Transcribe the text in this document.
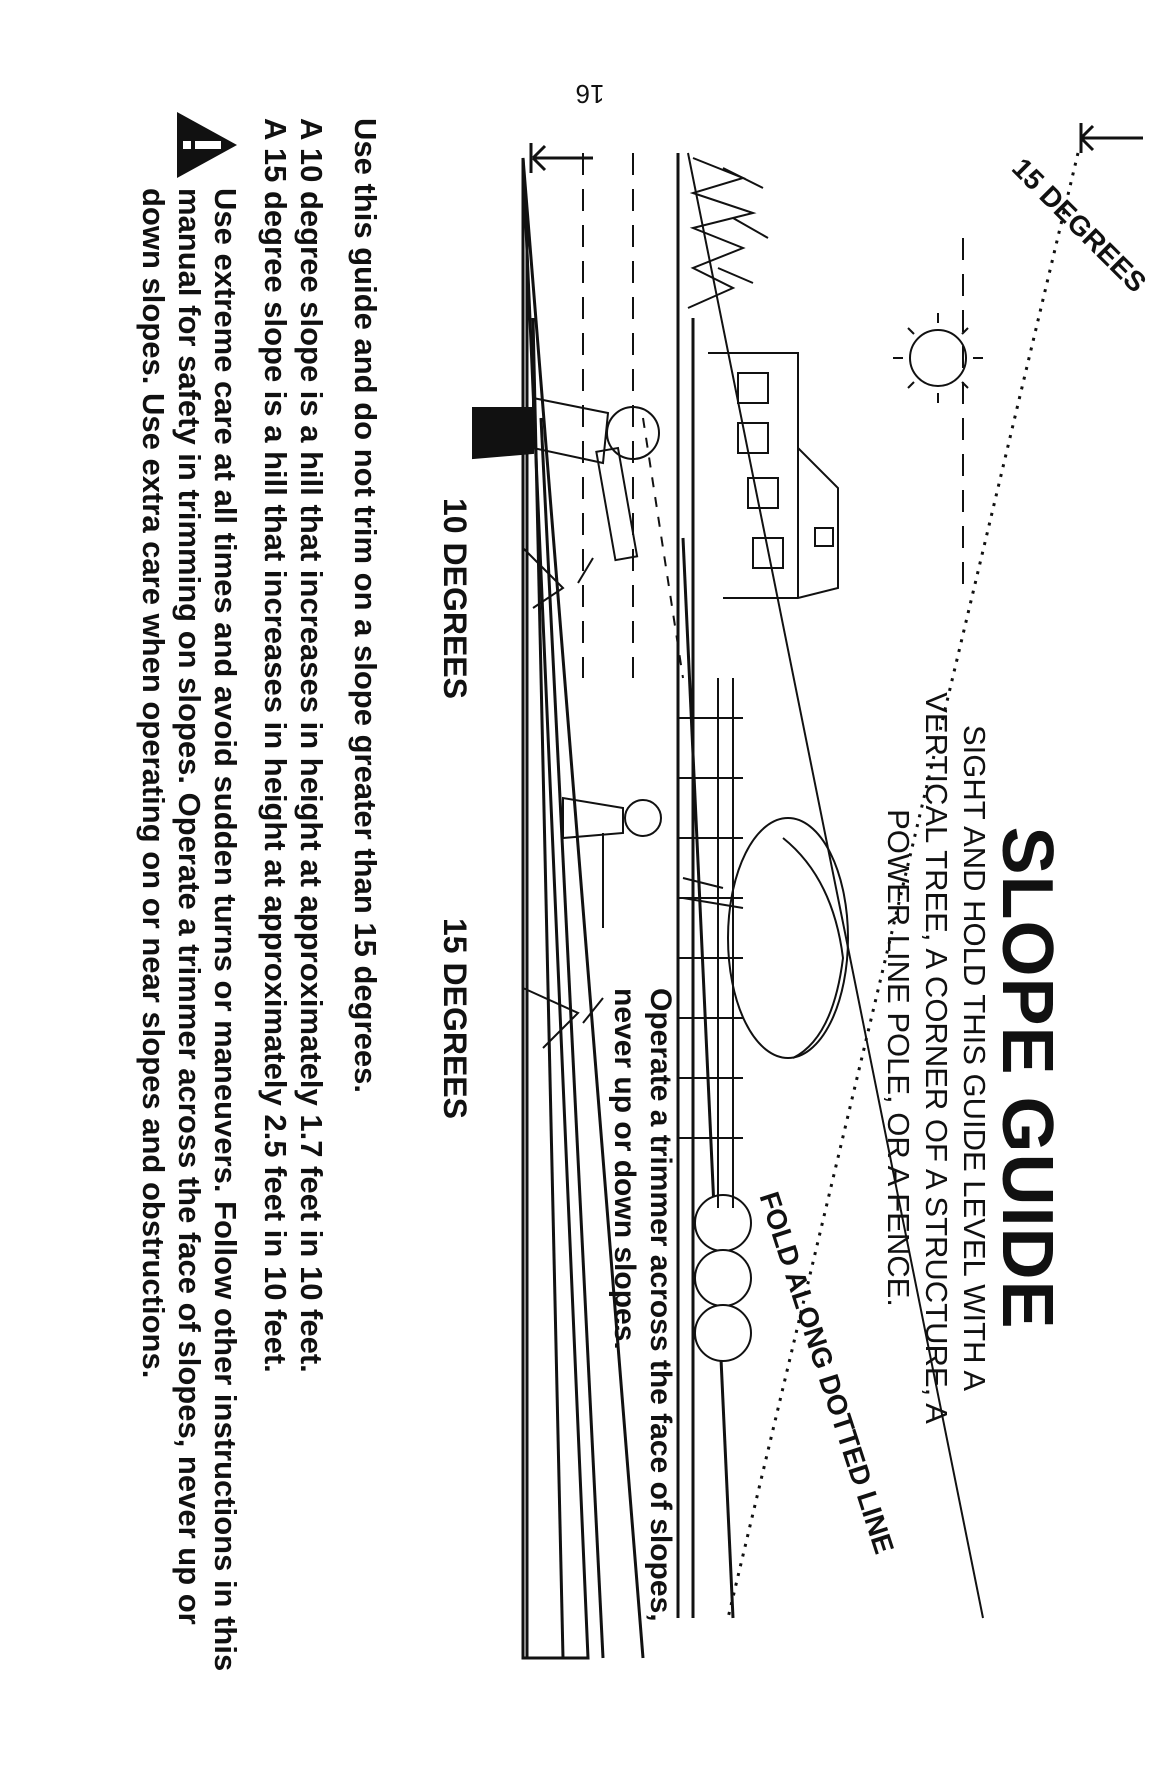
16
SLOPE GUIDE
SIGHT AND HOLD THIS GUIDE LEVEL WITH A VERTICAL TREE, A CORNER OF A STRUCTURE, A POWER LINE POLE, OR A FENCE.
15 DEGREES
FOLD ALONG DOTTED LINE
10 DEGREES
15 DEGREES	Operate a trimmer across the face of slopes, never up or down slopes.

Use this guide and do not trim on a slope greater than 15 degrees.

A 10 degree slope is a hill that increases in height at approximately 1.7 feet in 10 feet.

A 15 degree slope is a hill that increases in height at approximately 2.5 feet in 10 feet.

Use extreme care at all times and avoid sudden turns or maneuvers. Follow other instructions in this manual for safety in trimming on slopes. Operate a trimmer across the face of slopes, never up or down slopes. Use extra care when operating on or near slopes and obstructions.
